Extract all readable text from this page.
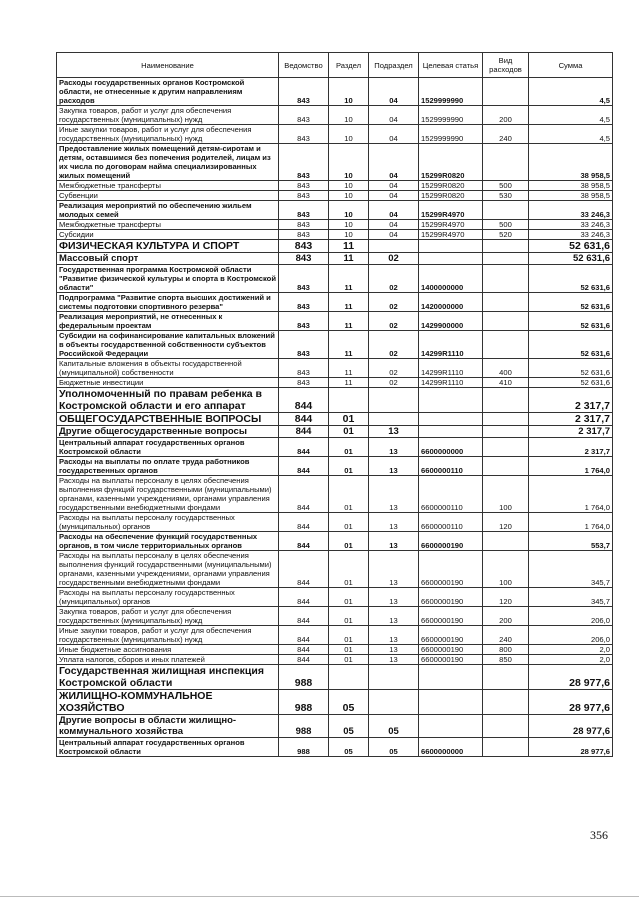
Наименование	Ведомство	Раздел	Подраздел	Целевая статья	Вид расходов	Сумма
Расходы государственных органов Костромской области, не отнесенные к другим направлениям расходов	843	10	04	1529999990		4,5
Закупка товаров, работ и услуг для обеспечения государственных (муниципальных) нужд	843	10	04	1529999990	200	4,5
Иные закупки товаров, работ и услуг для обеспечения государственных (муниципальных) нужд	843	10	04	1529999990	240	4,5
Предоставление жилых помещений детям-сиротам и детям, оставшимся без попечения родителей, лицам из их числа по договорам найма специализированных жилых помещений	843	10	04	15299R0820		38 958,5
Межбюджетные трансферты	843	10	04	15299R0820	500	38 958,5
Субвенции	843	10	04	15299R0820	530	38 958,5
Реализация мероприятий по обеспечению жильем молодых семей	843	10	04	15299R4970		33 246,3
Межбюджетные трансферты	843	10	04	15299R4970	500	33 246,3
Субсидии	843	10	04	15299R4970	520	33 246,3
ФИЗИЧЕСКАЯ КУЛЬТУРА И СПОРТ	843	11				52 631,6
Массовый спорт	843	11	02			52 631,6
Государственная программа Костромской области "Развитие физической культуры и спорта в Костромской области"	843	11	02	1400000000		52 631,6
Подпрограмма "Развитие спорта высших достижений и системы подготовки спортивного резерва"	843	11	02	1420000000		52 631,6
Реализация мероприятий, не отнесенных к федеральным проектам	843	11	02	1429900000		52 631,6
Субсидии на софинансирование капитальных вложений в объекты государственной собственности субъектов Российской Федерации	843	11	02	14299R1110		52 631,6
Капитальные вложения в объекты государственной (муниципальной) собственности	843	11	02	14299R1110	400	52 631,6
Бюджетные инвестиции	843	11	02	14299R1110	410	52 631,6
Уполномоченный по правам ребенка в Костромской области и его аппарат	844					2 317,7
ОБЩЕГОСУДАРСТВЕННЫЕ ВОПРОСЫ	844	01				2 317,7
Другие общегосударственные вопросы	844	01	13			2 317,7
Центральный аппарат государственных органов Костромской области	844	01	13	6600000000		2 317,7
Расходы на выплаты по оплате труда работников государственных органов	844	01	13	6600000110		1 764,0
Расходы на выплаты персоналу в целях обеспечения выполнения функций государственными (муниципальными) органами, казенными учреждениями, органами управления государственными внебюджетными фондами	844	01	13	6600000110	100	1 764,0
Расходы на выплаты персоналу государственных (муниципальных) органов	844	01	13	6600000110	120	1 764,0
Расходы на обеспечение функций государственных органов, в том числе территориальных органов	844	01	13	6600000190		553,7
Расходы на выплаты персоналу в целях обеспечения выполнения функций государственными (муниципальными) органами, казенными учреждениями, органами управления государственными внебюджетными фондами	844	01	13	6600000190	100	345,7
Расходы на выплаты персоналу государственных (муниципальных) органов	844	01	13	6600000190	120	345,7
Закупка товаров, работ и услуг для обеспечения государственных (муниципальных) нужд	844	01	13	6600000190	200	206,0
Иные закупки товаров, работ и услуг для обеспечения государственных (муниципальных) нужд	844	01	13	6600000190	240	206,0
Иные бюджетные ассигнования	844	01	13	6600000190	800	2,0
Уплата налогов, сборов и иных платежей	844	01	13	6600000190	850	2,0
Государственная жилищная инспекция Костромской области	988					28 977,6
ЖИЛИЩНО-КОММУНАЛЬНОЕ ХОЗЯЙСТВО	988	05				28 977,6
Другие вопросы в области жилищно-коммунального хозяйства	988	05	05			28 977,6
Центральный аппарат государственных органов Костромской области	988	05	05	6600000000		28 977,6
356
